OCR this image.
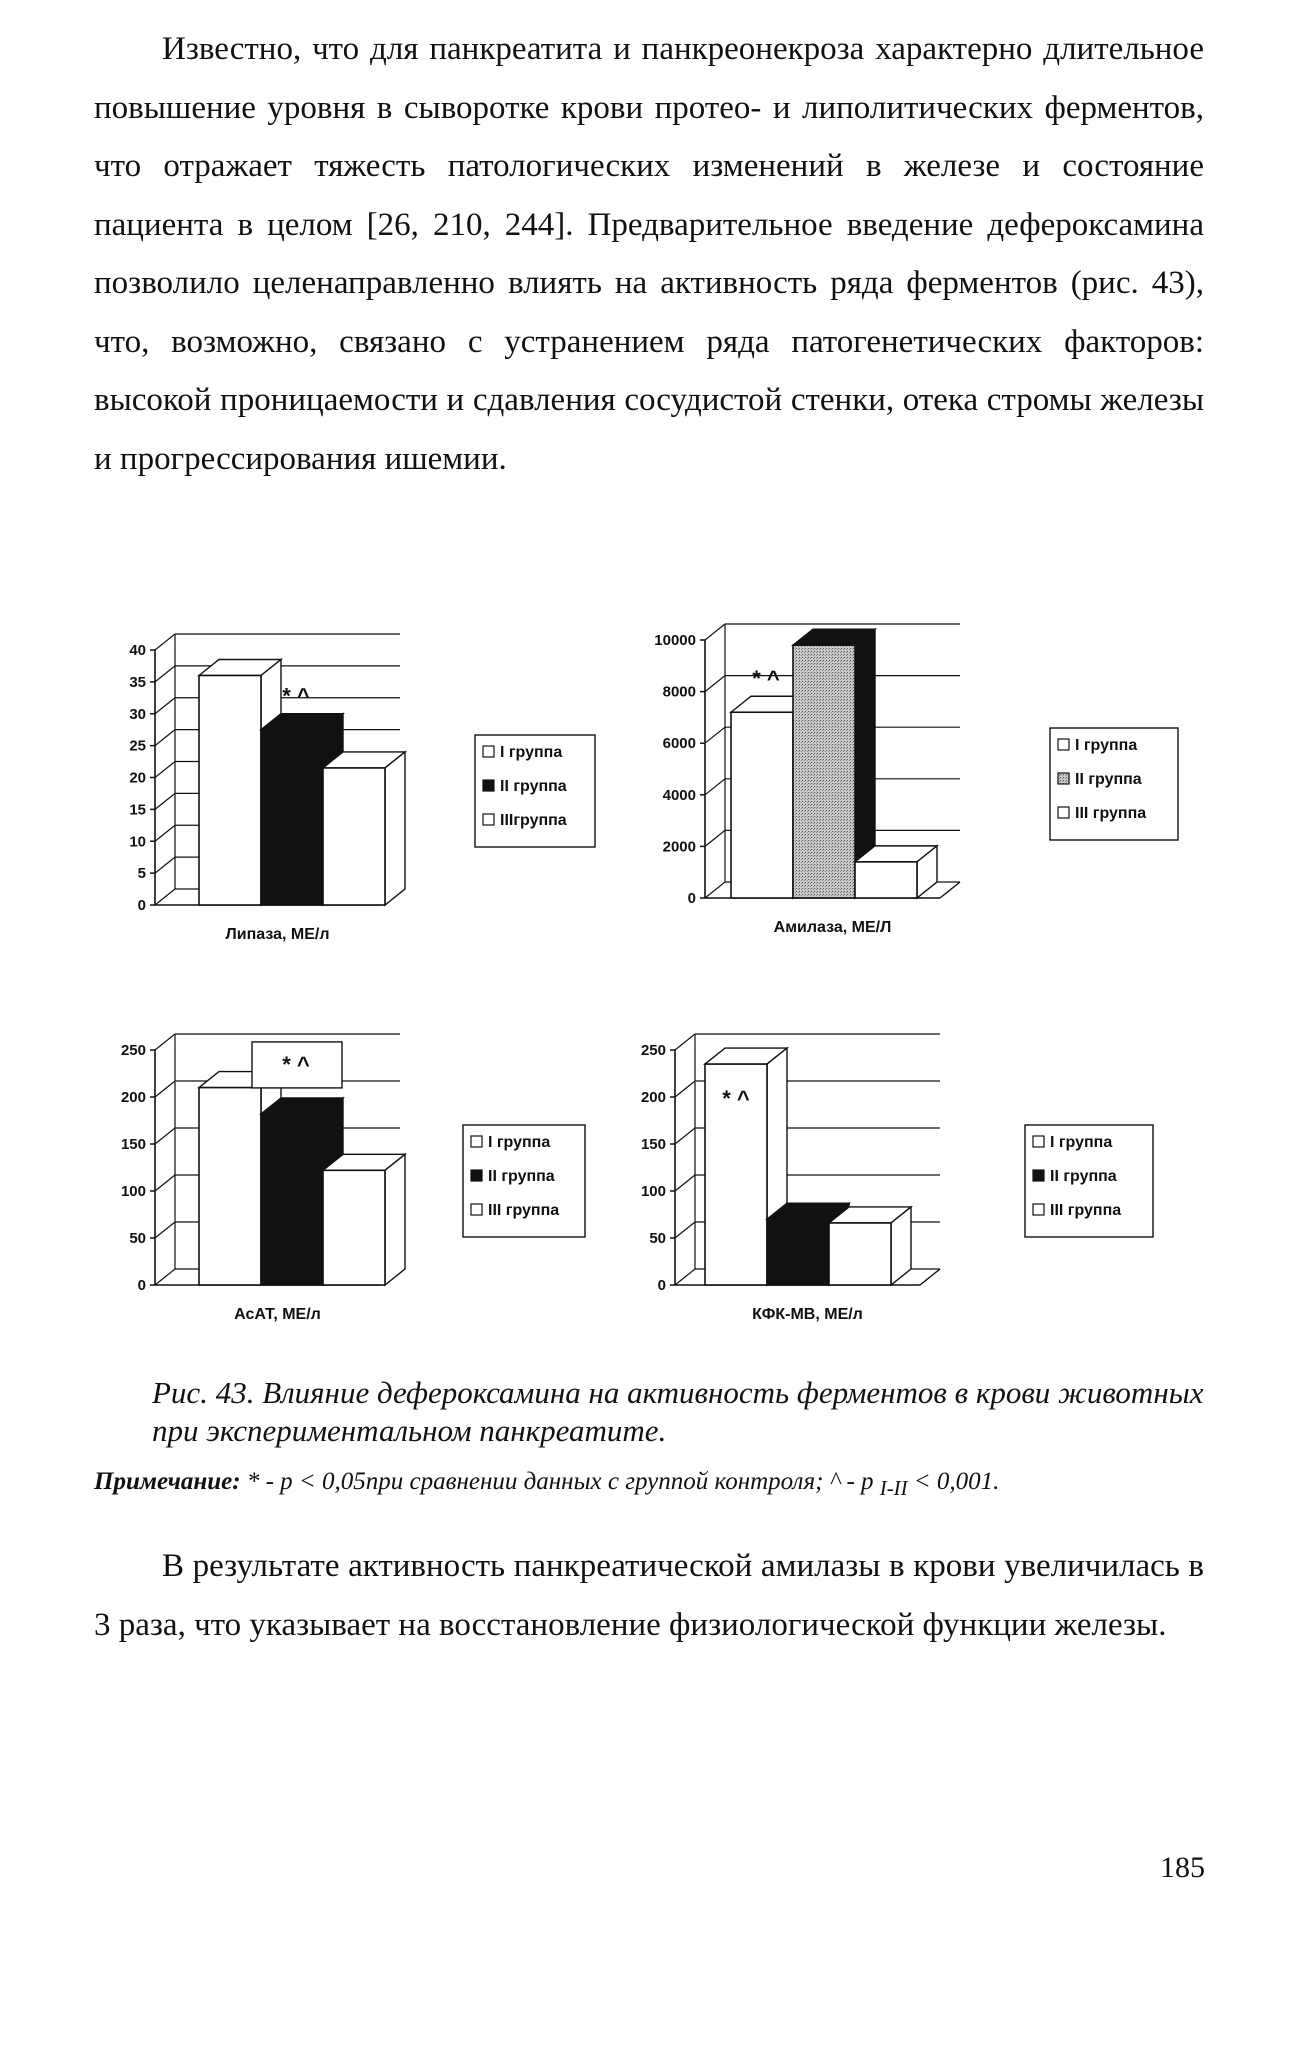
Известно, что для панкреатита и панкреонекроза характерно длительное повышение уровня в сыворотке крови протео- и липолитических ферментов, что отражает тяжесть патологических изменений в железе и состояние пациента в целом [26, 210, 244]. Предварительное введение дефероксамина позволило целенаправленно влиять на активность ряда ферментов (рис. 43), что, возможно, связано с устранением ряда патогенетических факторов: высокой проницаемости и сдавления сосудистой стенки, отека стромы железы и прогрессирования ишемии.

0
5
10
15
20
25
30
35
40
* ^
Липаза, МЕ/л
I группа
II группа
IIIгруппа
0
2000
4000
6000
8000
10000
* ^
Амилаза, МЕ/Л
I группа
II группа
III группа
0
50
100
150
200
250
* ^
АсАТ, МЕ/л
I группа
II группа
III группа
0
50
100
150
200
250
* ^
КФК-МВ, МЕ/л
I группа
II группа
III группа

Рис. 43. Влияние дефероксамина на активность ферментов в крови животных при экспериментальном панкреатите.

Примечание: * - p < 0,05при сравнении данных с группой контроля; ^ - p $_{I-II}$ < 0,001.

В результате активность панкреатической амилазы в крови увеличилась в 3 раза, что указывает на восстановление физиологической функции железы.

185
